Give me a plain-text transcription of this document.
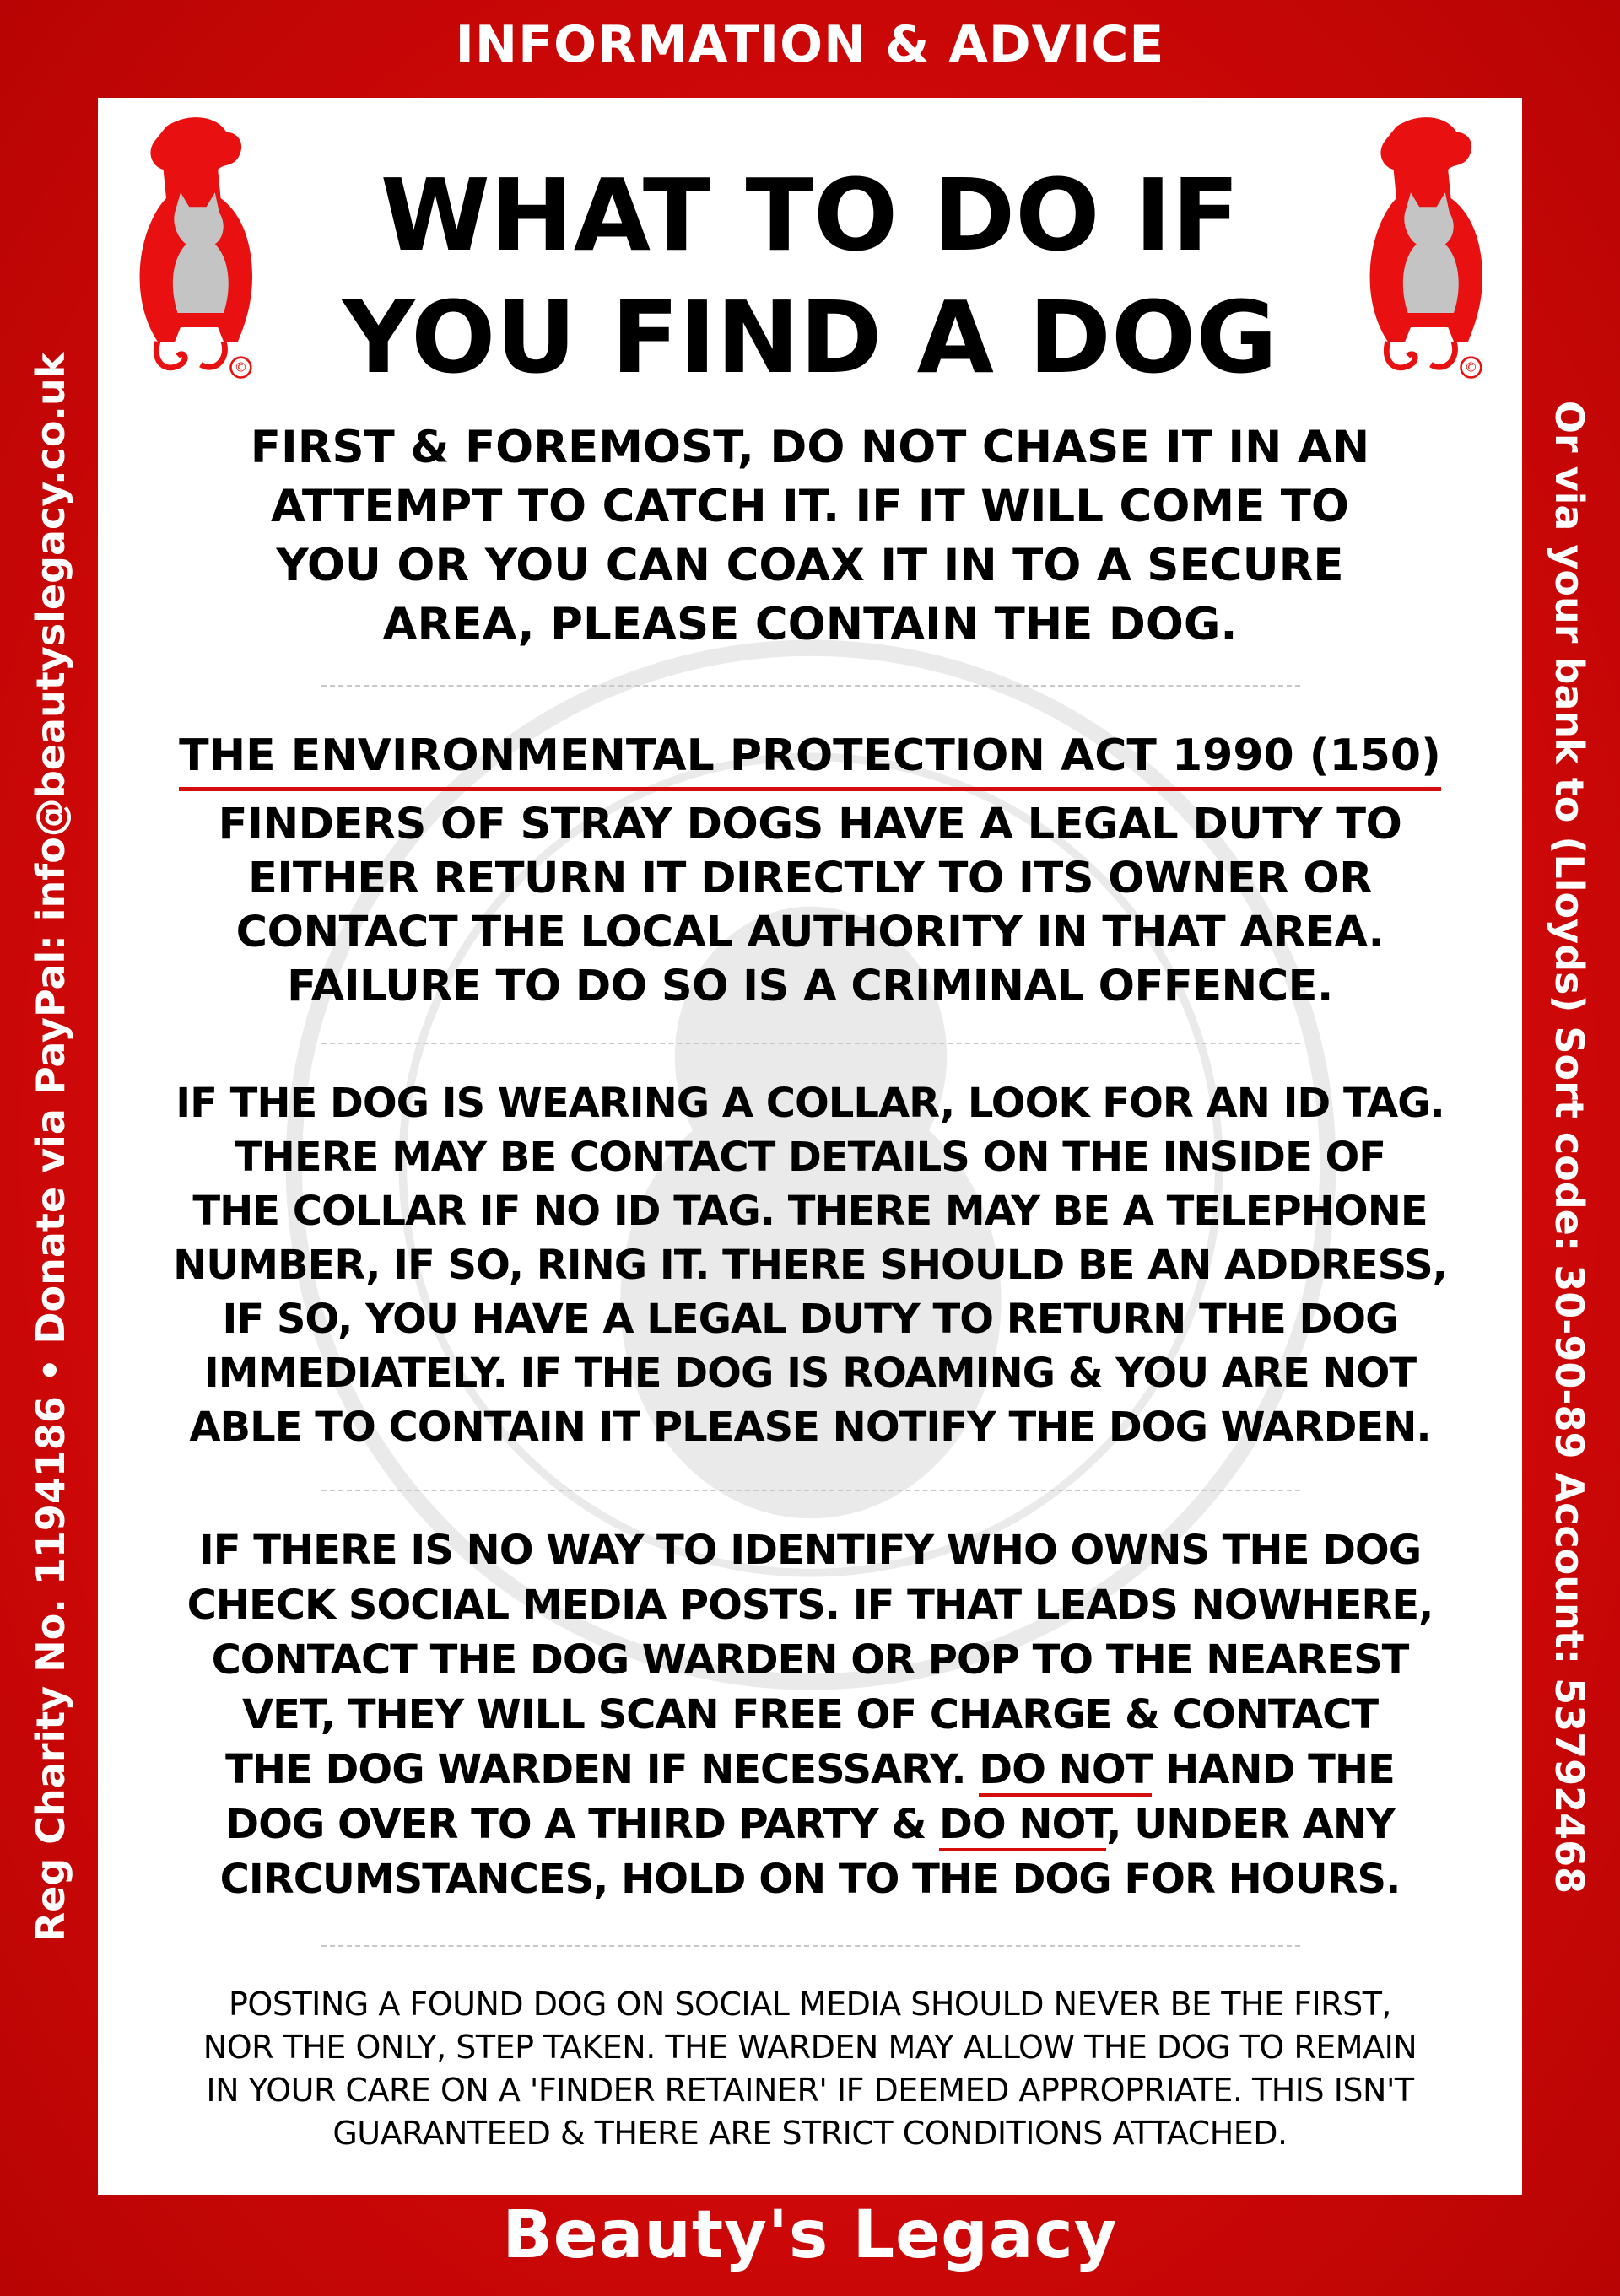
INFORMATION & ADVICE
Reg Charity No. 1194186 • Donate via PayPal: info@beautyslegacy.co.uk	Or via your bank to (Lloyds) Sort code: 30-90-89 Account: 53792468
©	©
WHAT TO DO IF
YOU FIND A DOG
FIRST & FOREMOST, DO NOT CHASE IT IN AN
ATTEMPT TO CATCH IT. IF IT WILL COME TO
YOU OR YOU CAN COAX IT IN TO A SECURE
AREA, PLEASE CONTAIN THE DOG.
THE ENVIRONMENTAL PROTECTION ACT 1990 (150)
FINDERS OF STRAY DOGS HAVE A LEGAL DUTY TO
EITHER RETURN IT DIRECTLY TO ITS OWNER OR
CONTACT THE LOCAL AUTHORITY IN THAT AREA.
FAILURE TO DO SO IS A CRIMINAL OFFENCE.
IF THE DOG IS WEARING A COLLAR, LOOK FOR AN ID TAG.
THERE MAY BE CONTACT DETAILS ON THE INSIDE OF
THE COLLAR IF NO ID TAG. THERE MAY BE A TELEPHONE
NUMBER, IF SO, RING IT. THERE SHOULD BE AN ADDRESS,
IF SO, YOU HAVE A LEGAL DUTY TO RETURN THE DOG
IMMEDIATELY. IF THE DOG IS ROAMING & YOU ARE NOT
ABLE TO CONTAIN IT PLEASE NOTIFY THE DOG WARDEN.
IF THERE IS NO WAY TO IDENTIFY WHO OWNS THE DOG
CHECK SOCIAL MEDIA POSTS. IF THAT LEADS NOWHERE,
CONTACT THE DOG WARDEN OR POP TO THE NEAREST
VET, THEY WILL SCAN FREE OF CHARGE & CONTACT
THE DOG WARDEN IF NECESSARY. DO NOT HAND THE
DOG OVER TO A THIRD PARTY & DO NOT, UNDER ANY
CIRCUMSTANCES, HOLD ON TO THE DOG FOR HOURS.
POSTING A FOUND DOG ON SOCIAL MEDIA SHOULD NEVER BE THE FIRST,
NOR THE ONLY, STEP TAKEN. THE WARDEN MAY ALLOW THE DOG TO REMAIN
IN YOUR CARE ON A 'FINDER RETAINER' IF DEEMED APPROPRIATE. THIS ISN'T
GUARANTEED & THERE ARE STRICT CONDITIONS ATTACHED.
Beauty's Legacy
